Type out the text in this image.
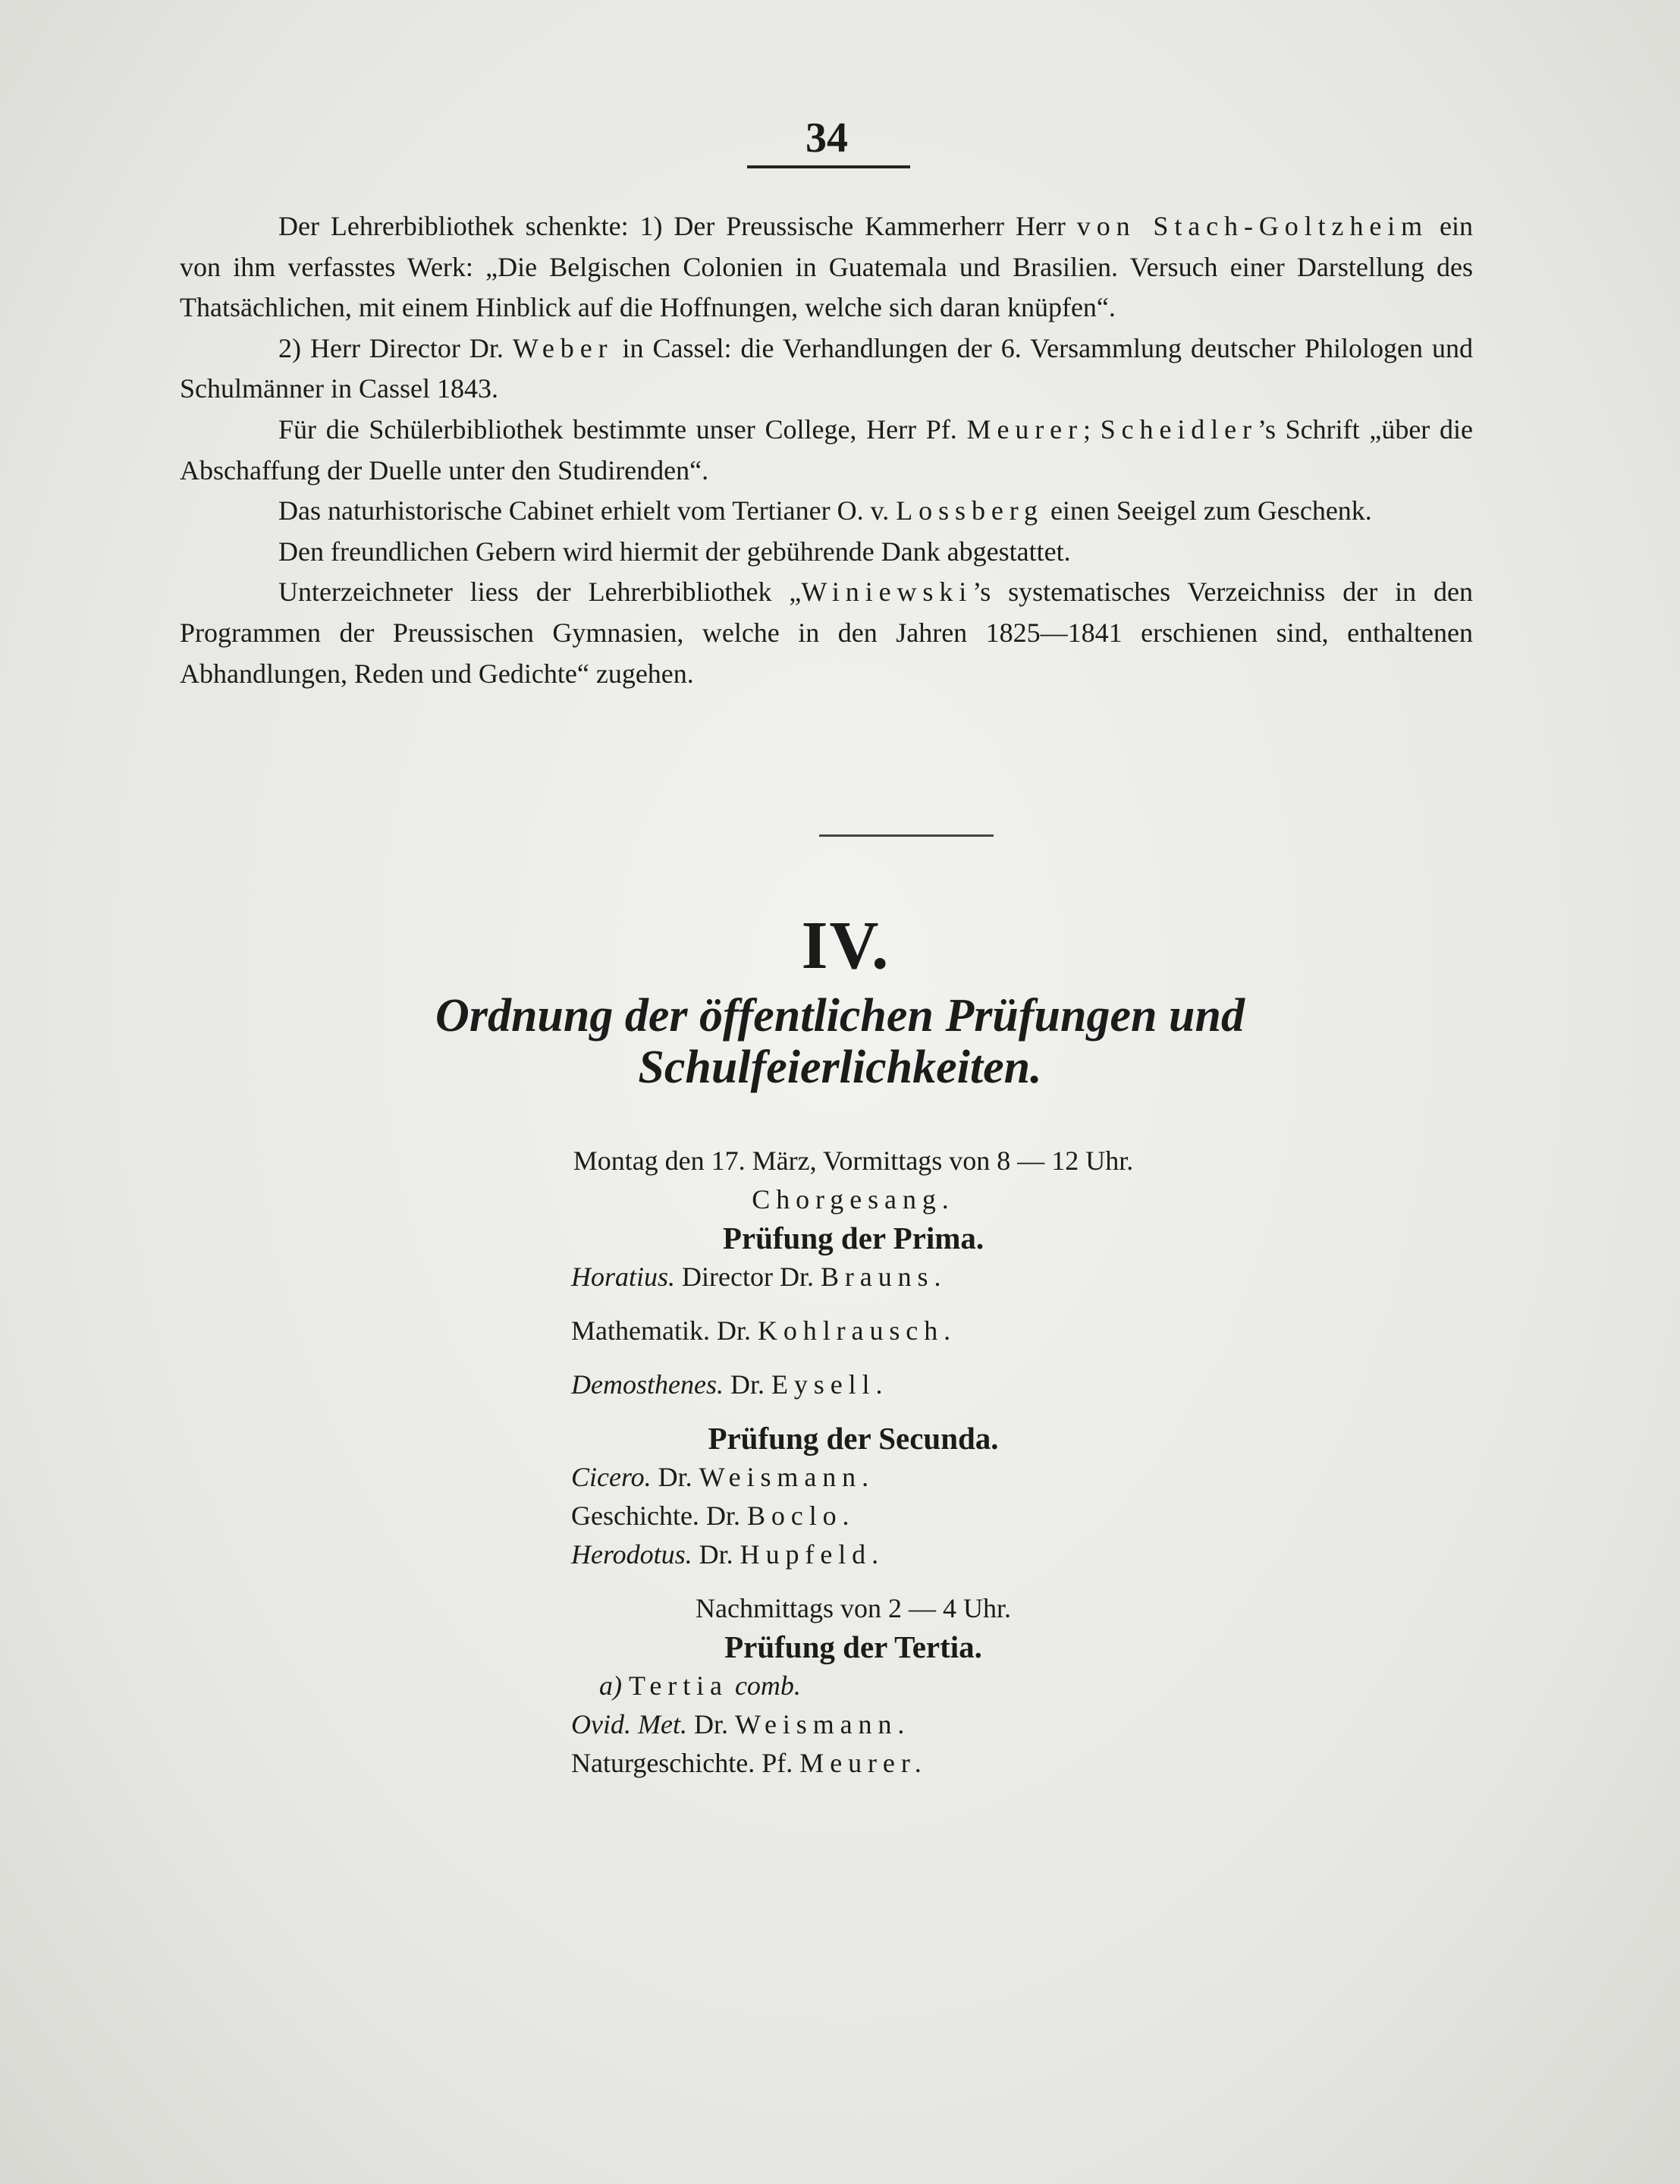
34

Der Lehrerbibliothek schenkte: 1) Der Preussische Kammerherr Herr von Stach-Goltzheim ein von ihm verfasstes Werk: „Die Belgischen Colonien in Guatemala und Brasilien. Versuch einer Darstellung des Thatsächlichen, mit einem Hinblick auf die Hoffnungen, welche sich daran knüpfen“.

2) Herr Director Dr. Weber in Cassel: die Verhandlungen der 6. Versammlung deutscher Philologen und Schulmänner in Cassel 1843.

Für die Schülerbibliothek bestimmte unser College, Herr Pf. Meurer; Scheidler’s Schrift „über die Abschaffung der Duelle unter den Studirenden“.

Das naturhistorische Cabinet erhielt vom Tertianer O. v. Lossberg einen Seeigel zum Geschenk.

Den freundlichen Gebern wird hiermit der gebührende Dank abgestattet.

Unterzeichneter liess der Lehrerbibliothek „Winiewski’s systematisches Verzeichniss der in den Programmen der Preussischen Gymnasien, welche in den Jahren 1825—1841 erschienen sind, enthaltenen Abhandlungen, Reden und Gedichte“ zugehen.

IV.
Ordnung der öffentlichen Prüfungen und
Schulfeierlichkeiten.
Montag den 17. März, Vormittags von 8 — 12 Uhr.
Chorgesang.
Prüfung der Prima.
Horatius. Director Dr. Brauns.
Mathematik. Dr. Kohlrausch.
Demosthenes. Dr. Eysell.
Prüfung der Secunda.
Cicero. Dr. Weismann.
Geschichte. Dr. Boclo.
Herodotus. Dr. Hupfeld.
Nachmittags von 2 — 4 Uhr.
Prüfung der Tertia.
a) Tertia comb.
Ovid. Met. Dr. Weismann.
Naturgeschichte. Pf. Meurer.
